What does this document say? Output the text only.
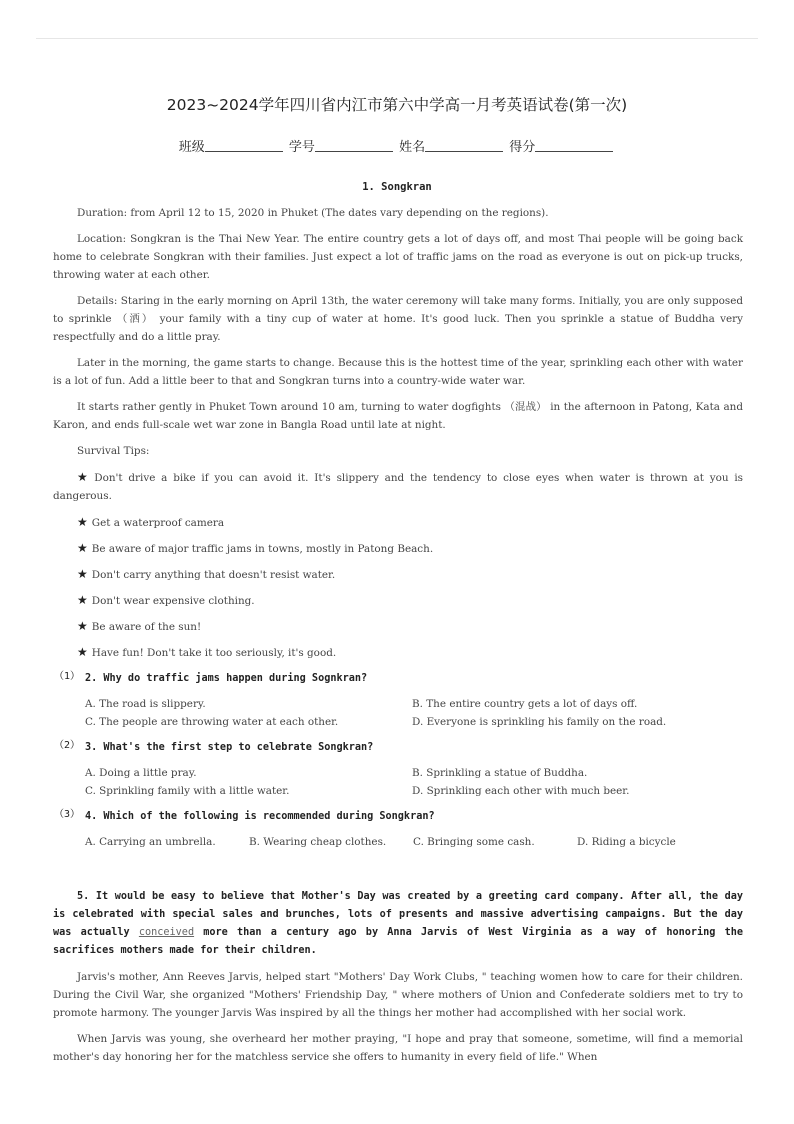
2023~2024学年四川省内江市第六中学高一月考英语试卷(第一次)
班级	学号	姓名	得分
1. Songkran

Duration: from April 12 to 15, 2020 in Phuket (The dates vary depending on the regions).

Location: Songkran is the Thai New Year. The entire country gets a lot of days off, and most Thai people will be going back home to celebrate Songkran with their families. Just expect a lot of traffic jams on the road as everyone is out on pick-up trucks, throwing water at each other.

Details: Staring in the early morning on April 13th, the water ceremony will take many forms. Initially, you are only supposed to sprinkle （洒） your family with a tiny cup of water at home. It's good luck. Then you sprinkle a statue of Buddha very respectfully and do a little pray.

Later in the morning, the game starts to change. Because this is the hottest time of the year, sprinkling each other with water is a lot of fun. Add a little beer to that and Songkran turns into a country-wide water war.

It starts rather gently in Phuket Town around 10 am, turning to water dogfights （混战） in the afternoon in Patong, Kata and Karon, and ends full-scale wet war zone in Bangla Road until late at night.

Survival Tips:

★ Don't drive a bike if you can avoid it. It's slippery and the tendency to close eyes when water is thrown at you is dangerous.

★ Get a waterproof camera

★ Be aware of major traffic jams in towns, mostly in Patong Beach.

★ Don't carry anything that doesn't resist water.

★ Don't wear expensive clothing.

★ Be aware of the sun!

★ Have fun! Don't take it too seriously, it's good.

（1） 2. Why do traffic jams happen during Sognkran?
A. The road is slippery.	B. The entire country gets a lot of days off.
C. The people are throwing water at each other.	D. Everyone is sprinkling his family on the road.
（2） 3. What's the first step to celebrate Songkran?
A. Doing a little pray.	B. Sprinkling a statue of Buddha.
C. Sprinkling family with a little water.	D. Sprinkling each other with much beer.
（3） 4. Which of the following is recommended during Songkran?
A. Carrying an umbrella.	B. Wearing cheap clothes.	C. Bringing some cash.	D. Riding a bicycle

5. It would be easy to believe that Mother's Day was created by a greeting card company. After all, the day is celebrated with special sales and brunches, lots of presents and massive advertising campaigns. But the day was actually conceived more than a century ago by Anna Jarvis of West Virginia as a way of honoring the sacrifices mothers made for their children.

Jarvis's mother, Ann Reeves Jarvis, helped start "Mothers' Day Work Clubs, " teaching women how to care for their children. During the Civil War, she organized "Mothers' Friendship Day, " where mothers of Union and Confederate soldiers met to try to promote harmony. The younger Jarvis Was inspired by all the things her mother had accomplished with her social work.

When Jarvis was young, she overheard her mother praying, "I hope and pray that someone, sometime, will find a memorial mother's day honoring her for the matchless service she offers to humanity in every field of life." When
